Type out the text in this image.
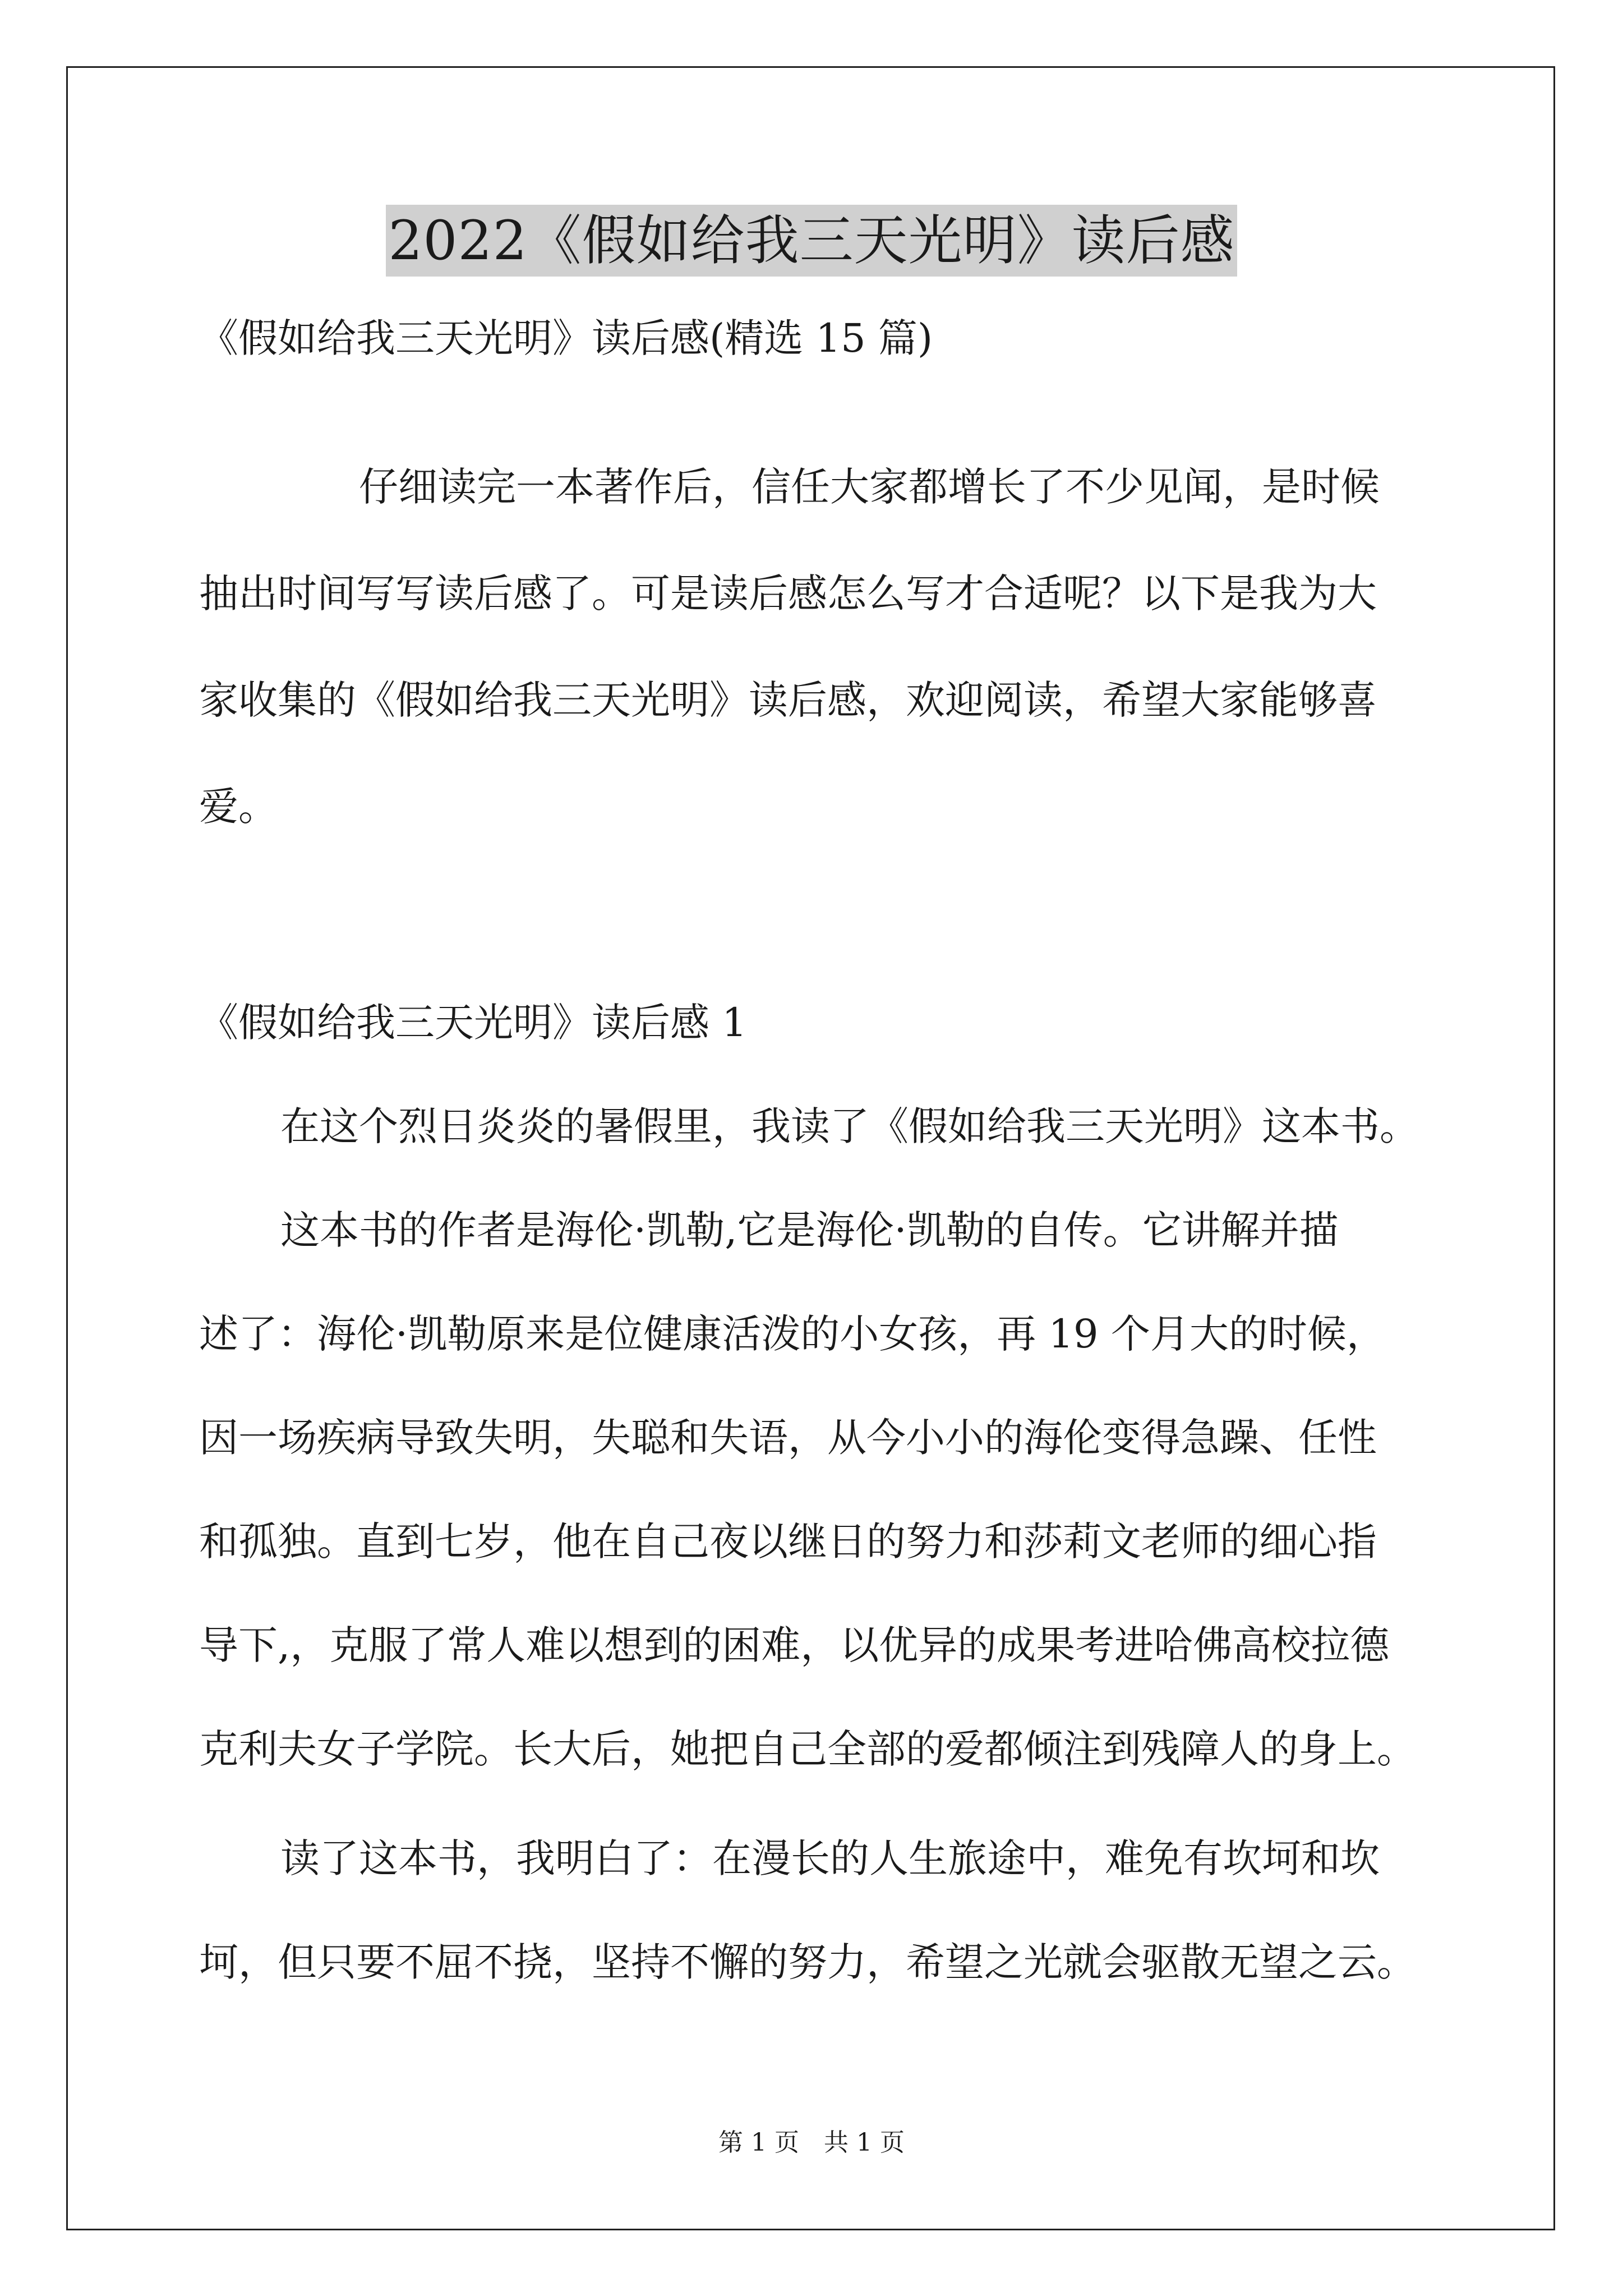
2022《假如给我三天光明》读后感
《假如给我三天光明》读后感(精选 15 篇)
仔细读完一本著作后，信任大家都增长了不少见闻，是时候
抽出时间写写读后感了。可是读后感怎么写才合适呢？以下是我为大
家收集的《假如给我三天光明》读后感，欢迎阅读，希望大家能够喜
爱。
《假如给我三天光明》读后感 1
在这个烈日炎炎的暑假里，我读了《假如给我三天光明》这本书。
这本书的作者是海伦·凯勒,它是海伦·凯勒的自传。它讲解并描
述了：海伦·凯勒原来是位健康活泼的小女孩，再 19 个月大的时候，
因一场疾病导致失明，失聪和失语，从今小小的海伦变得急躁、任性
和孤独。直到七岁，他在自己夜以继日的努力和莎莉文老师的细心指
导下,，克服了常人难以想到的困难，以优异的成果考进哈佛高校拉德
克利夫女子学院。长大后，她把自己全部的爱都倾注到残障人的身上。
读了这本书，我明白了：在漫长的人生旅途中，难免有坎坷和坎
坷，但只要不屈不挠，坚持不懈的努力，希望之光就会驱散无望之云。
第 1 页　共 1 页
